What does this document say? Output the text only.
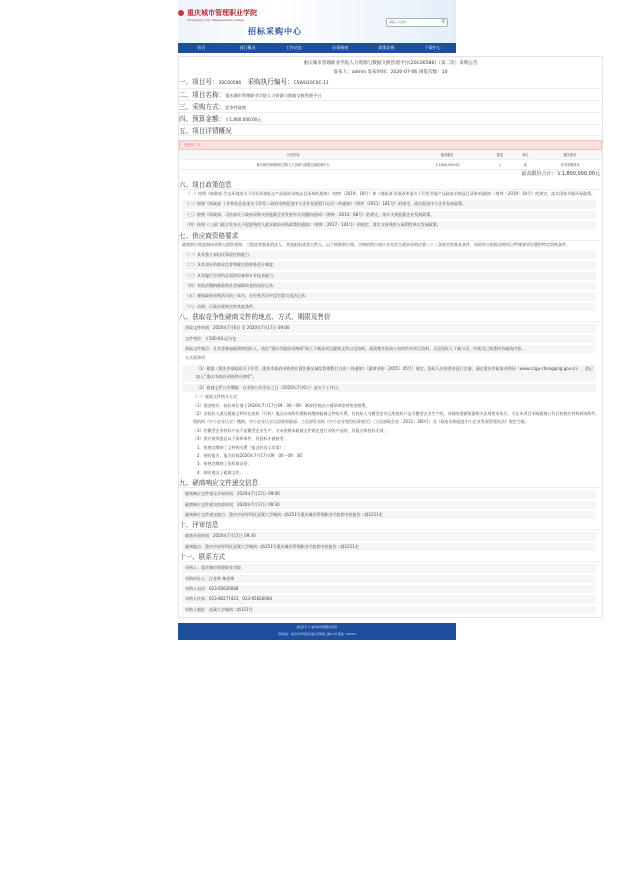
重庆城市管理职业学院
Chongqing City Management College
招标采购中心
请输入关键字
⚲
首页	部门概况	工作动态	办事指南	政策法规	下载中心
重庆城市管理职业学院人力资源与数据交换管理平台(20C00586)（第二次）采购公告
发布人：admin 发布时间：2020-07-06 浏览次数：10
一、项目号：20C00586 采购执行编号：CSWU20C0C-11
二、项目名称：重庆城市管理职业学院人力资源与数据交换管理平台
三、采购方式：竞争性磋商
四、预算金额：￥1,800,000.00元
五、项目详情概况
分包号：1
分包内容	最高限价	数量	单位	服务要求
重庆城市管理职业学院人力资源与数据交换管理平台	￥1,800,000.00	1	批	详见采购需求
最高限价合计：￥1,800,000.00元
六、项目政策信息
（一）按照《财政部 生态环境部关于印发环境标志产品政府采购品目清单的通知》（财库〔2019〕18号）和《财政部 发展改革委关于印发节能产品政府采购品目清单的通知》（财库〔2019〕19号）的规定，落实国家节能环保政策。
（二）按照《财政部 工业和信息化部关于印发＜政府采购促进中小企业发展暂行办法＞的通知》（财库〔2011〕181号）的规定，落实促进中小企业发展政策。
（三）按照《财政部、司法部关于政府采购支持监狱企业发展有关问题的通知》（财库〔2014〕68号）的规定，落实支持监狱企业发展政策。
（四）按照《三部门联合发布关于促进残疾人就业政府采购政策的通知》（财库〔2017〕141号）的规定，落实支持残疾人福利性单位发展政策。
七、供应商资格要求
磋商供应商是指向采购人提供货物、工程或者服务的法人、其他组织或者自然人。以下简称供应商。合格的供应商应首先符合政府采购法第二十二条规定的基本条件，同时符合根据采购项目特殊要求设置的特定资格条件。
（一）具有独立承担民事责任的能力；
（二）具有良好的商业信誉和健全的财务会计制度；
（三）具有履行合同所必需的设备和专业技术能力；
（四）有依法缴纳税收和社会保障资金的良好记录；
（五）参加政府采购活动前三年内，在经营活动中没有重大违法记录；
（六）法律、行政法规规定的其他条件。
八、获取竞争性磋商文件的地点、方式、期限及售价
获取文件时间：2020年7月6日 至 2020年7月17日 09:00
文件售价：￥500.00元/分包
获取文件地点：凡有意参加磋商的投标人，请在“重庆市政府采购网”网上下载本项目磋商文件以及图纸。需清楚开标前公布的所有项目资料，无论投标人下载与否，均视为已知悉所有磋商内容。
方式或事项：
（1）根据《重庆市财政局关于印发〈重庆市政府采购供应商注册及诚信管理暂行办法〉的通知》（渝财采购〔2015〕45号）规定，投标人应按要求进行注册，通过重庆市政府采购网（www.ccgp-chongqing.gov.cn），登记加入“重庆市政府采购供应商库”。
（2）磋商文件公告期限：自采购公告发布之日（2020年7月6日）起五个工作日。
（一）磋商文件购买方式：
（1）现金购买：投标单位请于2020年7月17日09：00－09：30到学校办公楼104室财务室缴费。
（2）各投标人递交磋商文件时在投标（开标）地点向采购代理机构缴纳磋商文件购买费。若投标人为微型企业且所投标产品为微型企业生产的，详细的金额依据相关法规要求执行，可在本项目采购磋商公告后持相应材料到采购代理机构（中小企业认定）缴纳，中小企业认定以国家财政部、工信部发布的《中小企业划型标准规定》（工信部联企业〔2011〕300号）及《政府采购促进中小企业发展管理办法》规定为准。
（3）若微型企业投标产品不是微型企业生产，又未按照本磋商文件规定进行采购产品的，其报名和投标无效。
（4）供应商须提出以下资料事件，其投标才被接受：
1．按规定缴纳了文件购买费（报名时出示发票）；
2．按时报名，报名时间2020年7月17日09：00－09：30；
3．按规定缴纳了投标保证金；
4．按时递交了磋商文件。
九、磋商响应文件递交信息
磋商响应文件递交开始时间：2020年7月17日 09:00
磋商响应文件递交结束时间：2020年7月17日 09:30
磋商响应文件递交地点：重庆市沙坪坝区虎溪大学城南二路151号重庆城市管理职业学院图书馆报告二楼1211室
十、评审信息
磋商开始时间：2020年7月17日 09:30
磋商地点：重庆市沙坪坝区虎溪大学城南二路151号重庆城市管理职业学院图书馆报告二楼1211室
十一、联系方式
采购人：重庆城市管理职业学院
采购经办人：汪老师 黎老师
采购人电话：023-65626068
采购人传真：023-86277421，023-65626068
采购人地址：虎溪大学城南二路151号
版权所有 © 重庆城市管理职业学院
学院地址：重庆市沙坪坝区虎溪大学城南二路151号 邮编：401331
